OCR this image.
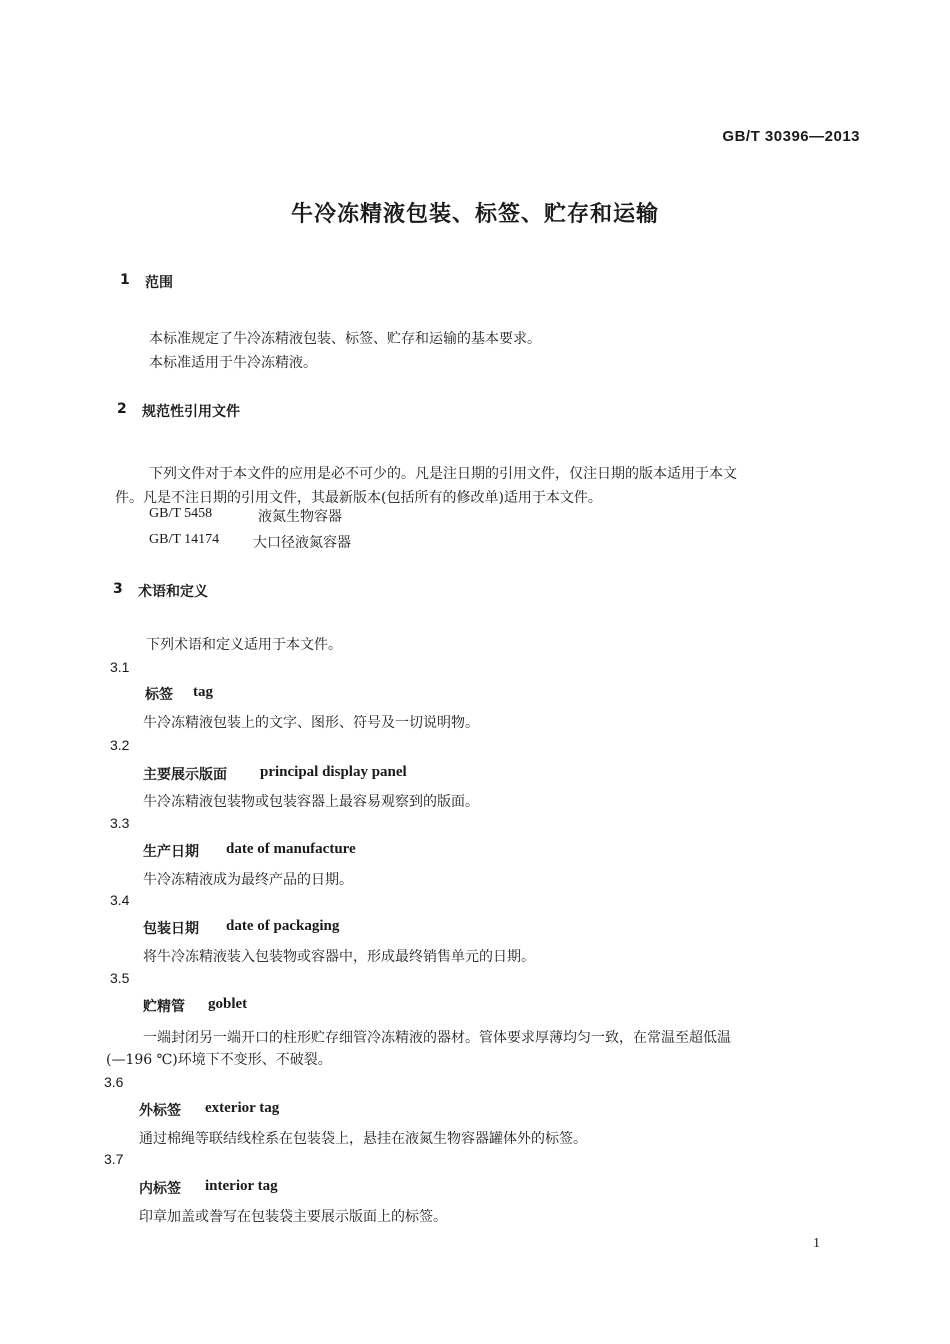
GB/T 30396—2013
牛冷冻精液包装、标签、贮存和运输
1 范围
本标准规定了牛冷冻精液包装、标签、贮存和运输的基本要求。
本标准适用于牛冷冻精液。
2 规范性引用文件
下列文件对于本文件的应用是必不可少的。凡是注日期的引用文件，仅注日期的版本适用于本文
件。凡是不注日期的引用文件，其最新版本(包括所有的修改单)适用于本文件。
GB/T 5458	液氮生物容器
GB/T 14174 大口径液氮容器
3 术语和定义
下列术语和定义适用于本文件。
3.1
标签 tag
牛冷冻精液包装上的文字、图形、符号及一切说明物。
3.2
主要展示版面 principal display panel
牛冷冻精液包装物或包装容器上最容易观察到的版面。
3.3
生产日期 date of manufacture
牛冷冻精液成为最终产品的日期。
3.4
包装日期 date of packaging
将牛冷冻精液装入包装物或容器中，形成最终销售单元的日期。
3.5
贮精管 goblet
一端封闭另一端开口的柱形贮存细管冷冻精液的器材。管体要求厚薄均匀一致，在常温至超低温
(—196 ℃)环境下不变形、不破裂。
3.6
外标签 exterior tag
通过棉绳等联结线栓系在包装袋上，悬挂在液氮生物容器罐体外的标签。
3.7
内标签 interior tag
印章加盖或誊写在包装袋主要展示版面上的标签。
1
